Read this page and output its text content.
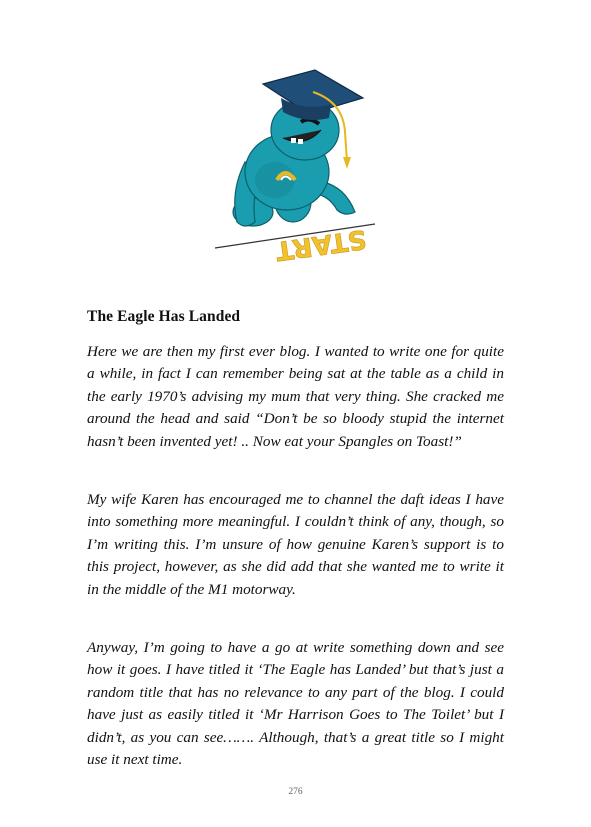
START
The Eagle Has Landed

Here we are then my first ever blog. I wanted to write one for quite a while, in fact I can remember being sat at the table as a child in the early 1970’s advising my mum that very thing. She cracked me around the head and said “Don’t be so bloody stupid the internet hasn’t been invented yet! .. Now eat your Spangles on Toast!”

My wife Karen has encouraged me to channel the daft ideas I have into something more meaningful. I couldn’t think of any, though, so I’m writing this. I’m unsure of how genuine Karen’s support is to this project, however, as she did add that she wanted me to write it in the middle of the M1 motorway.

Anyway, I’m going to have a go at write something down and see how it goes. I have titled it ‘The Eagle has Landed’ but that’s just a random title that has no relevance to any part of the blog. I could have just as easily titled it ‘Mr Harrison Goes to The Toilet’ but I didn’t, as you can see……. Although, that’s a great title so I might use it next time.

276
